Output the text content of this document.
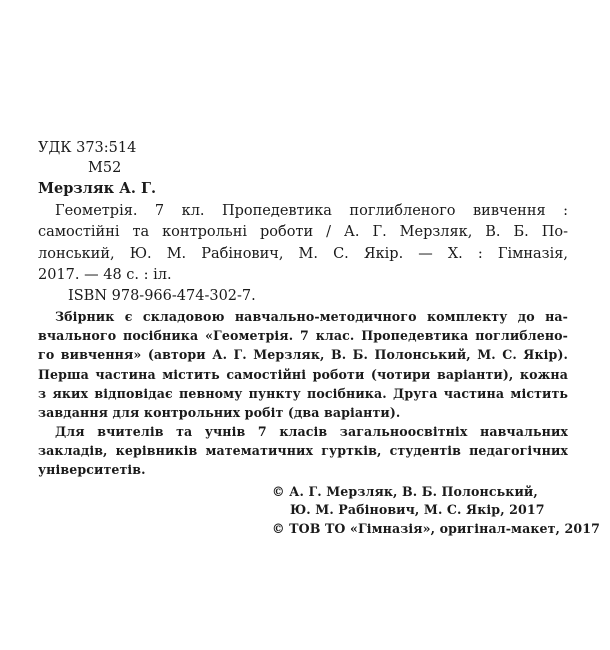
УДК 373:514
М52
Мерзляк А. Г.
Геометрія. 7 кл. Пропедевтика поглибленого вивчення :
самостійні та контрольні роботи / А. Г. Мерзляк, В. Б. По-
лонський, Ю. М. Рабінович, М. С. Якір. — Х. : Гімназія,
2017. — 48 с. : іл.
ISBN 978-966-474-302-7.
Збірник є складовою навчально-методичного комплекту до на-
вчального посібника «Геометрія. 7 клас. Пропедевтика поглиблено-
го вивчення» (автори А. Г. Мерзляк, В. Б. Полонський, М. С. Якір).
Перша частина містить самостійні роботи (чотири варіанти), кожна
з яких відповідає певному пункту посібника. Друга частина містить
завдання для контрольних робіт (два варіанти).
Для вчителів та учнів 7 класів загальноосвітніх навчальних
закладів, керівників математичних гуртків, студентів педагогічних
університетів.
© А. Г. Мерзляк, В. Б. Полонський,
Ю. М. Рабінович, М. С. Якір, 2017
© ТОВ ТО «Гімназія», оригінал-макет, 2017
